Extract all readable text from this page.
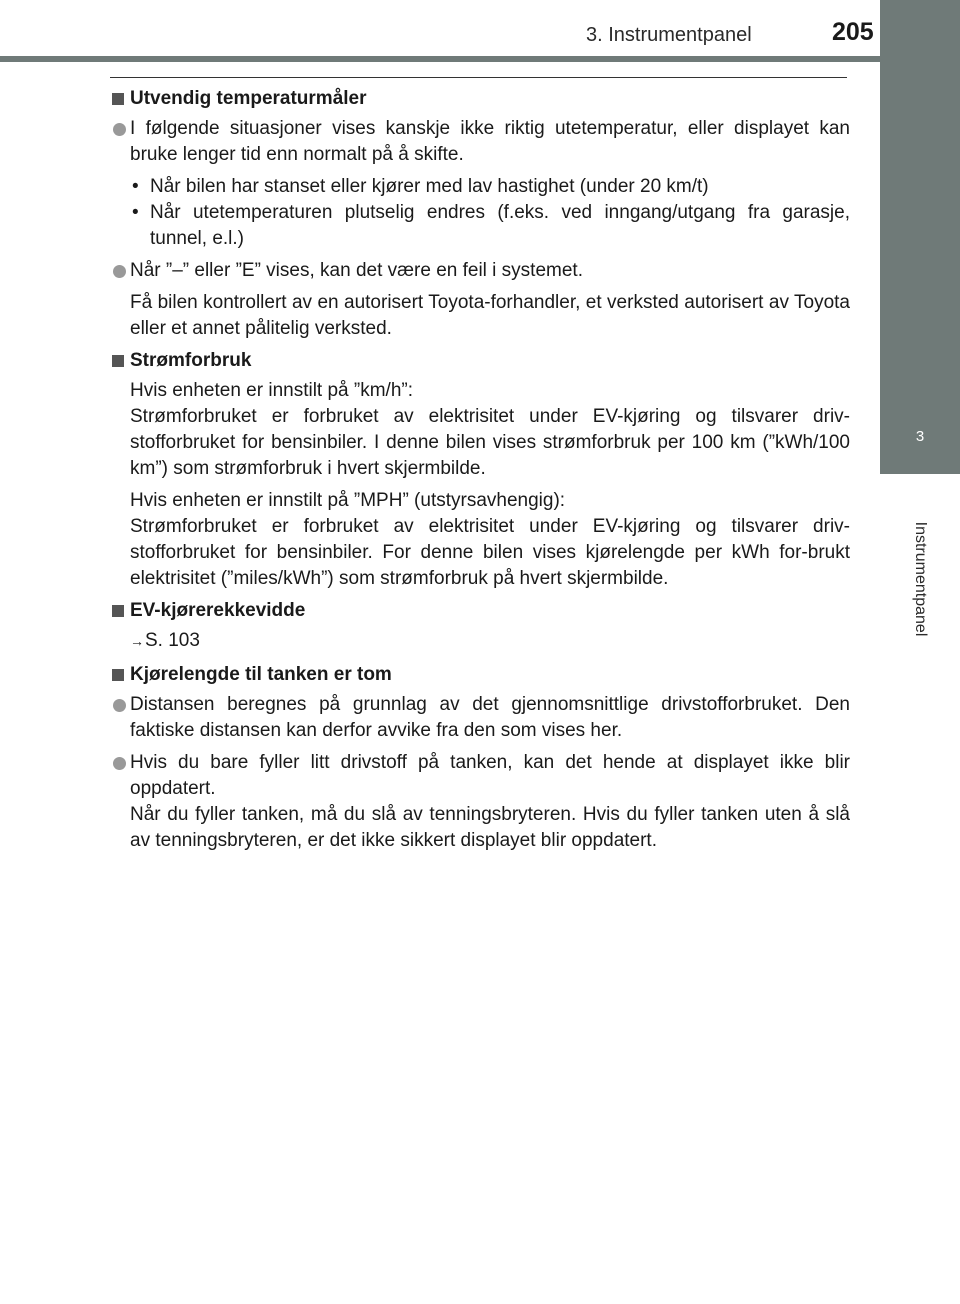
3. Instrumentpanel	205
3
Instrumentpanel
Utvendig temperaturmåler
I følgende situasjoner vises kanskje ikke riktig utetemperatur, eller displayet kan bruke lenger tid enn normalt på å skifte.
• Når bilen har stanset eller kjører med lav hastighet (under 20 km/t)
• Når utetemperaturen plutselig endres (f.eks. ved inngang/utgang fra garasje, tunnel, e.l.)
Når ”–” eller ”E” vises, kan det være en feil i systemet.
Få bilen kontrollert av en autorisert Toyota-forhandler, et verksted autorisert av Toyota eller et annet pålitelig verksted.
Strømforbruk
Hvis enheten er innstilt på ”km/h”:
Strømforbruket er forbruket av elektrisitet under EV-kjøring og tilsvarer driv-stofforbruket for bensinbiler. I denne bilen vises strømforbruk per 100 km (”kWh/100 km”) som strømforbruk i hvert skjermbilde.
Hvis enheten er innstilt på ”MPH” (utstyrsavhengig):
Strømforbruket er forbruket av elektrisitet under EV-kjøring og tilsvarer driv-stofforbruket for bensinbiler. For denne bilen vises kjørelengde per kWh for-brukt elektrisitet (”miles/kWh”) som strømforbruk på hvert skjermbilde.
EV-kjørerekkevidde
→S. 103
Kjørelengde til tanken er tom
Distansen beregnes på grunnlag av det gjennomsnittlige drivstofforbruket. Den faktiske distansen kan derfor avvike fra den som vises her.
Hvis du bare fyller litt drivstoff på tanken, kan det hende at displayet ikke blir oppdatert.
Når du fyller tanken, må du slå av tenningsbryteren. Hvis du fyller tanken uten å slå av tenningsbryteren, er det ikke sikkert displayet blir oppdatert.
